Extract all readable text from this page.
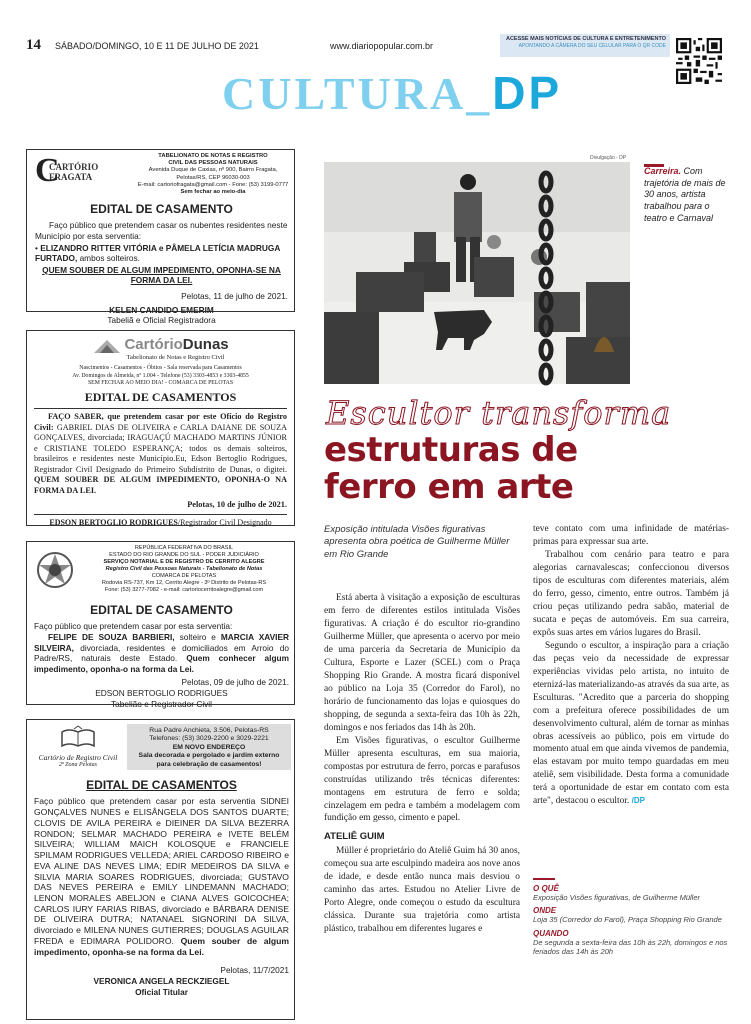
14 SÁBADO/DOMINGO, 10 E 11 DE JULHO DE 2021	www.diariopopular.com.br
ACESSE MAIS NOTÍCIAS DE CULTURA E ENTRETENIMENTO
APONTANDO A CÂMERA DO SEU CELULAR PARA O QR CODE
CULTURA_DP
C
CARTÓRIO
FRAGATA
TABELIONATO DE NOTAS E REGISTRO
CIVIL DAS PESSOAS NATURAIS
Avenida Duque de Caxias, nº 900, Bairro Fragata,
Pelotas/RS, CEP 96030-003
E-mail: cartoriofragata@gmail.com - Fone: (53) 3199-0777
Sem fechar ao meio-dia
EDITAL DE CASAMENTO

Faço público que pretendem casar os nubentes residentes neste Município por esta serventia:

• ELIZANDRO RITTER VITÓRIA e PÂMELA LETÍCIA MADRUGA FURTADO, ambos solteiros.

QUEM SOUBER DE ALGUM IMPEDIMENTO, OPONHA-SE NA FORMA DA LEI.

Pelotas, 11 de julho de 2021.

KELEN CANDIDO EMERIM

Tabeliã e Oficial Registradora

CartórioDunas
Tabelionato de Notas e Registro Civil
Nascimentos - Casamentos - Óbitos - Sala reservada para Casamentos
Av. Domingos de Almeida, nº 1.004 - Telefone (53) 3303-4853 e 3303-4855
SEM FECHAR AO MEIO DIA! - COMARCA DE PELOTAS
EDITAL DE CASAMENTOS

FAÇO SABER, que pretendem casar por este Ofício do Registro Civil: GABRIEL DIAS DE OLIVEIRA e CARLA DAIANE DE SOUZA GONÇALVES, divorciada; IRAGUAÇÚ MACHADO MARTINS JÚNIOR e CRISTIANE TOLEDO ESPERANÇA; todos os demais solteiros, brasileiros e residentes neste Município.Eu, Edson Bertoglio Rodrigues, Registrador Civil Designado do Primeiro Subdistrito de Dunas, o digitei. QUEM SOUBER DE ALGUM IMPEDIMENTO, OPONHA-O NA FORMA DA LEI.

Pelotas, 10 de julho de 2021.

EDSON BERTOGLIO RODRIGUES/Registrador Civil Designado

REPÚBLICA FEDERATIVA DO BRASIL
ESTADO DO RIO GRANDE DO SUL - PODER JUDICIÁRIO
SERVIÇO NOTARIAL E DE REGISTRO DE CERRITO ALEGRE
Registro Civil das Pessoas Naturais - Tabelionato de Notas
COMARCA DE PELOTAS
Rodovia RS-737, Km 12, Cerrito Alegre - 3º Distrito de Pelotas-RS
Fone: (53) 3277-7082 - e-mail: cartoriocerritoalegre@gmail.com
EDITAL DE CASAMENTO

Faço público que pretendem casar por esta serventia:

FELIPE DE SOUZA BARBIERI, solteiro e MARCIA XAVIER SILVEIRA, divorciada, residentes e domiciliados em Arroio do Padre/RS, naturais deste Estado. Quem conhecer algum impedimento, oponha-o na forma da Lei.

Pelotas, 09 de julho de 2021.

EDSON BERTOGLIO RODRIGUES

Tabelião e Registrador Civil

Cartório de Registro Civil
2ª Zona Pelotas
Rua Padre Anchieta, 3.506, Pelotas-RS
Telefones: (53) 3029-2200 e 3029-2221
EM NOVO ENDEREÇO
Sala decorada e pergolado e jardim externo
para celebração de casamentos!
EDITAL DE CASAMENTOS

Faço público que pretendem casar por esta serventia SIDNEI GONÇALVES NUNES e ELISÂNGELA DOS SANTOS DUARTE; CLOVIS DE AVILA PEREIRA e DIEINER DA SILVA BEZERRA RONDON; SELMAR MACHADO PEREIRA e IVETE BELÉM SILVEIRA; WILLIAM MAICH KOLOSQUE e FRANCIELE SPILMAM RODRIGUES VELLEDA; ARIEL CARDOSO RIBEIRO e EVA ALINE DAS NEVES LIMA; EDIR MEDEIROS DA SILVA e SILVIA MARIA SOARES RODRIGUES, divorciada; GUSTAVO DAS NEVES PEREIRA e EMILY LINDEMANN MACHADO; LENON MORALES ABELJON e CIANA ALVES GOICOCHEA; CARLOS IURY FARIAS RIBAS, divorciado e BÁRBARA DENISE DE OLIVEIRA DUTRA; NATANAEL SIGNORINI DA SILVA, divorciado e MILENA NUNES GUTIERRES; DOUGLAS AGUILAR FREDA e EDIMARA POLIDORO. Quem souber de algum impedimento, oponha-se na forma da Lei.

Pelotas, 11/7/2021

VERONICA ANGELA RECKZIEGEL

Oficial Titular

Divulgação - DP
Carreira. Com trajetória de mais de 30 anos, artista trabalhou para o teatro e Carnaval
Escultor transforma
estruturas de
ferro em arte
Exposição intitulada Visões figurativas apresenta obra poética de Guilherme Müller em Rio Grande

Está aberta à visitação a exposição de esculturas em ferro de diferentes estilos intitulada Visões figurativas. A criação é do escultor rio-grandino Guilherme Müller, que apresenta o acervo por meio de uma parceria da Secretaria de Município da Cultura, Esporte e Lazer (SCEL) com o Praça Shopping Rio Grande. A mostra ficará disponível ao público na Loja 35 (Corredor do Farol), no horário de funcionamento das lojas e quiosques do shopping, de segunda a sexta-feira das 10h às 22h, domingos e nos feriados das 14h às 20h.

Em Visões figurativas, o escultor Guilherme Müller apresenta esculturas, em sua maioria, compostas por estrutura de ferro, porcas e parafusos construídas utilizando três técnicas diferentes: montagens em estrutura de ferro e solda; cinzelagem em pedra e também a modelagem com fundição em gesso, cimento e papel.

ATELIÊ GUIM

Müller é proprietário do Ateliê Guim há 30 anos, começou sua arte esculpindo madeira aos nove anos de idade, e desde então nunca mais desviou o caminho das artes. Estudou no Atelier Livre de Porto Alegre, onde começou o estudo da escultura clássica. Durante sua trajetória como artista plástico, trabalhou em diferentes lugares e

teve contato com uma infinidade de matérias-primas para expressar sua arte.

Trabalhou com cenário para teatro e para alegorias carnavalescas; confeccionou diversos tipos de esculturas com diferentes materiais, além do ferro, gesso, cimento, entre outros. Também já criou peças utilizando pedra sabão, material de sucata e peças de automóveis. Em sua carreira, expôs suas artes em vários lugares do Brasil.

Segundo o escultor, a inspiração para a criação das peças veio da necessidade de expressar experiências vividas pelo artista, no intuito de eternizá-las materializando-as através da sua arte, as Esculturas. "Acredito que a parceria do shopping com a prefeitura oferece possibilidades de um desenvolvimento cultural, além de tornar as minhas obras acessíveis ao público, pois em virtude do momento atual em que ainda vivemos de pandemia, elas estavam por muito tempo guardadas em meu ateliê, sem visibilidade. Desta forma a comunidade terá a oportunidade de estar em contato com esta arte", destacou o escultor. /DP

O QUÊ
Exposição Visões figurativas, de Guilherme Müller
ONDE
Loja 35 (Corredor do Farol), Praça Shopping Rio Grande
QUANDO
De segunda a sexta-feira das 10h às 22h, domingos e nos feriados das 14h às 20h
